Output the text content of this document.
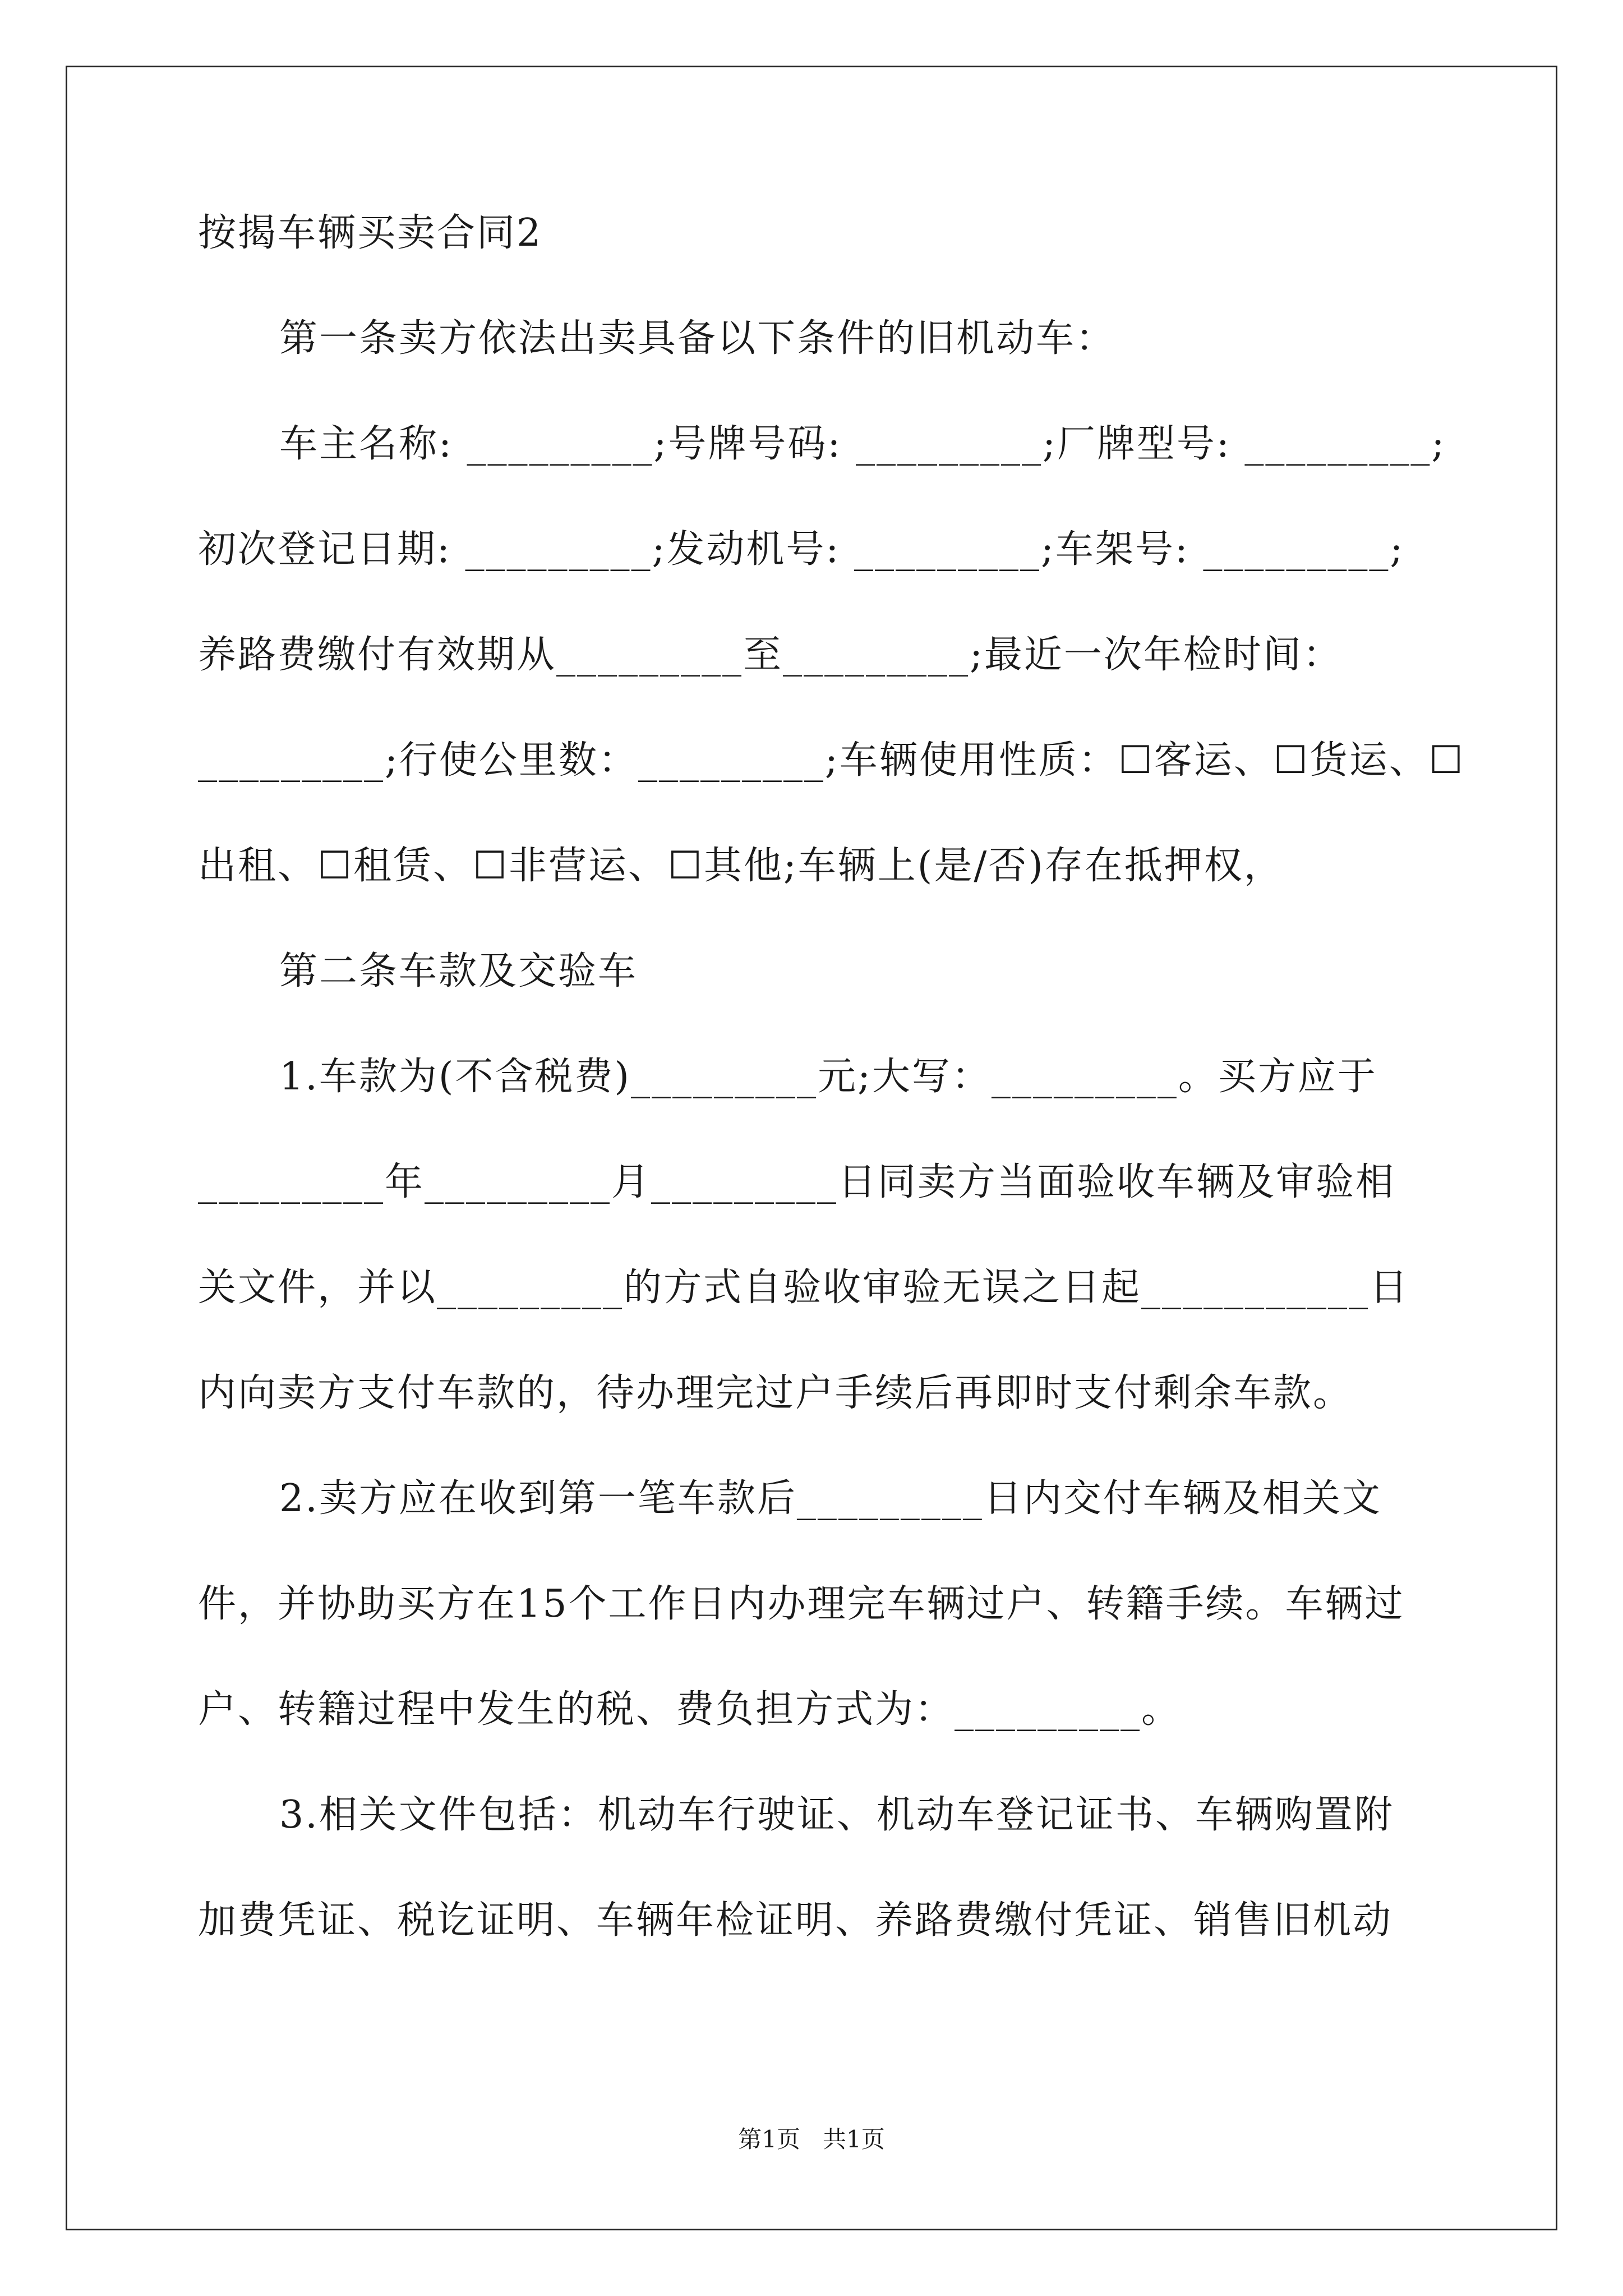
按揭车辆买卖合同2
第一条卖方依法出卖具备以下条件的旧机动车：
车主名称: _________;号牌号码: _________;厂牌型号: _________;
初次登记日期: _________;发动机号: _________;车架号: _________;
养路费缴付有效期从_________至_________;最近一次年检时间：
_________;行使公里数：_________;车辆使用性质：☐客运、☐货运、☐
出租、☐租赁、☐非营运、☐其他;车辆上(是/否)存在抵押权，
第二条车款及交验车
1.车款为(不含税费)_________元;大写：_________。买方应于
_________年_________月_________日同卖方当面验收车辆及审验相
关文件，并以_________的方式自验收审验无误之日起___________日
内向卖方支付车款的，待办理完过户手续后再即时支付剩余车款。
2.卖方应在收到第一笔车款后_________日内交付车辆及相关文
件，并协助买方在15个工作日内办理完车辆过户、转籍手续。车辆过
户、转籍过程中发生的税、费负担方式为：_________。
3.相关文件包括：机动车行驶证、机动车登记证书、车辆购置附
加费凭证、税讫证明、车辆年检证明、养路费缴付凭证、销售旧机动
第1页   共1页
